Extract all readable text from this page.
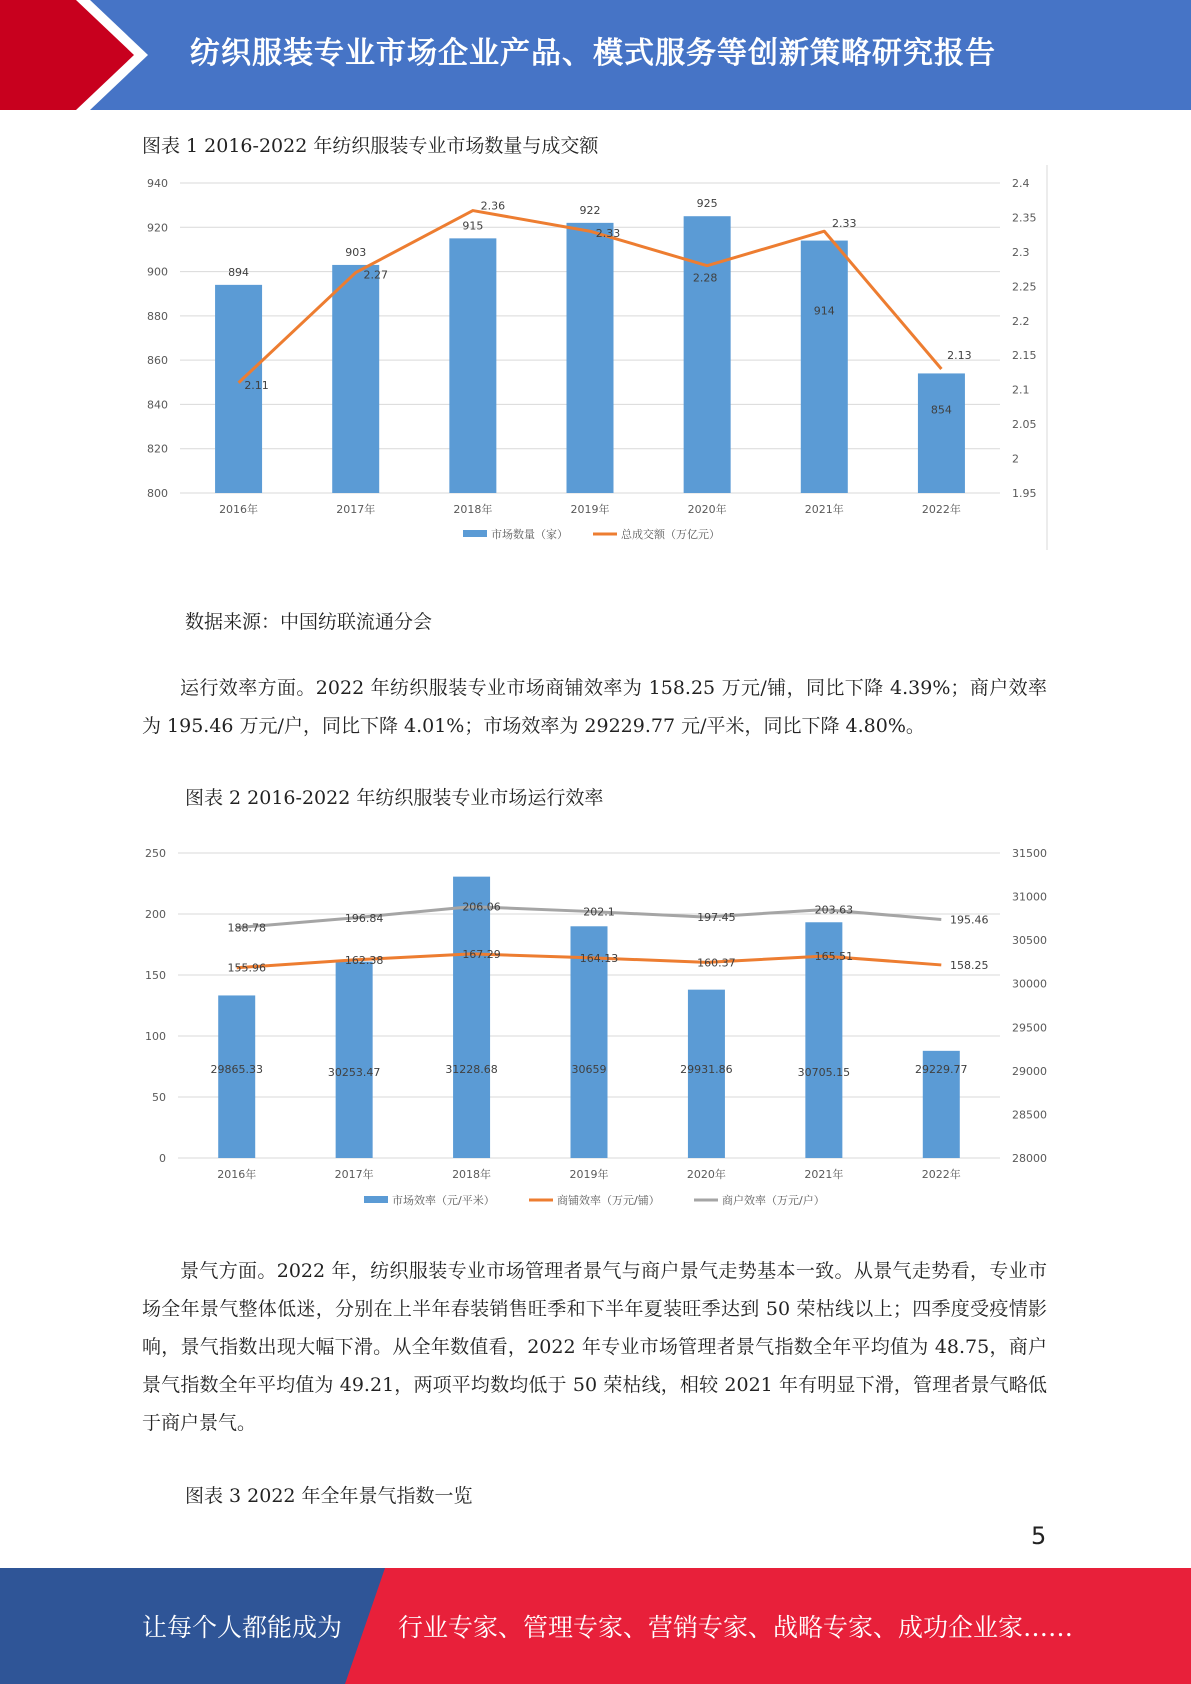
纺织服装专业市场企业产品、模式服务等创新策略研究报告
图表 1 2016-2022 年纺织服装专业市场数量与成交额
800
820
840
860
880
900
920
940
1.95
2
2.05
2.1
2.15
2.2
2.25
2.3
2.35
2.4
2016年	2017年	2018年	2019年	2020年	2021年	2022年
894
903
915
922
925
914
854
2.11
2.27
2.36
2.33
2.28
2.33
2.13
市场数量（家）	总成交额（万亿元）
数据来源：中国纺联流通分会

运行效率方面。2022 年纺织服装专业市场商铺效率为 158.25 万元/铺，同比下降 4.39%；商户效率为 195.46 万元/户，同比下降 4.01%；市场效率为 29229.77 元/平米，同比下降 4.80%。

图表 2 2016-2022 年纺织服装专业市场运行效率
0
50
100
150
200
250
28000
28500
29000
29500
30000
30500
31000
31500
2016年	2017年	2018年	2019年	2020年	2021年	2022年
29865.33	30253.47	31228.68	30659	29931.86	30705.15	29229.77
155.96
162.38	167.29	164.13	160.37	165.51
158.25
188.78
196.84
206.06	202.1	197.45
203.63
195.46
市场效率（元/平米）	商铺效率（万元/铺）	商户效率（万元/户）

景气方面。2022 年，纺织服装专业市场管理者景气与商户景气走势基本一致。从景气走势看，专业市场全年景气整体低迷，分别在上半年春装销售旺季和下半年夏装旺季达到 50 荣枯线以上；四季度受疫情影响，景气指数出现大幅下滑。从全年数值看，2022 年专业市场管理者景气指数全年平均值为 48.75，商户景气指数全年平均值为 49.21，两项平均数均低于 50 荣枯线，相较 2021 年有明显下滑，管理者景气略低于商户景气。

图表 3 2022 年全年景气指数一览
5
让每个人都能成为 行业专家、管理专家、营销专家、战略专家、成功企业家……
